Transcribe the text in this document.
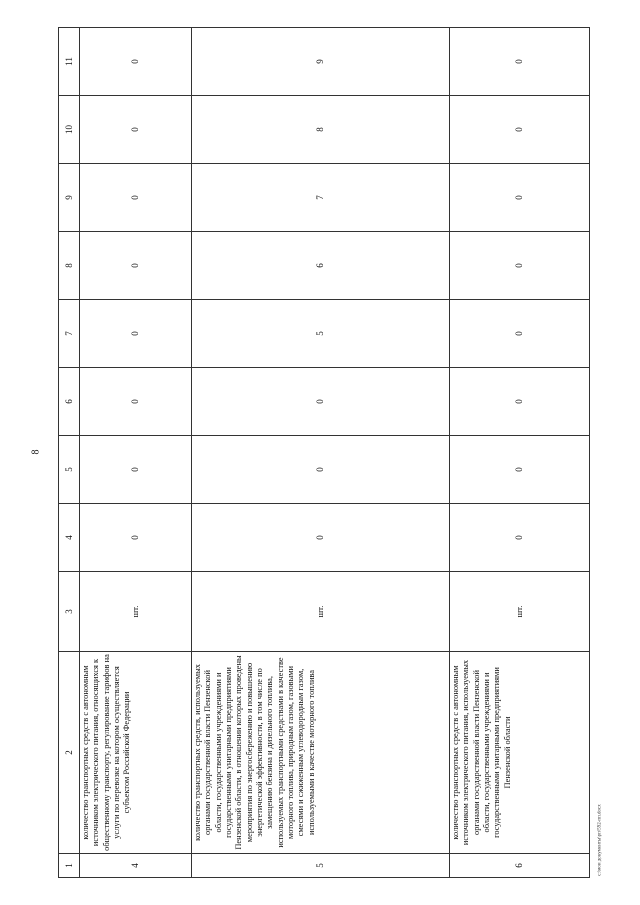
8
1	2	3	4	5	6	7	8	9	10	11
4	количество транспортных средств с автономным источником электрического питания, относящихся к общественному транспорту, регулирование тарифов на услуги по перевозке на котором осуществляется субъектом Российской Федерации	шт.	0	0	0	0	0	0	0	0
5	количество транспортных средств, используемых органами государственной власти Пензенской области, государственными учреждениями и государственными унитарными предприятиями Пензенской области, в отношении которых проведены мероприятия по энергосбережению и повышению энергетической эффективности, в том числе по замещению бензина и дизельного топлива, используемых транспортными средствами в качестве моторного топлива, природным газом, газовыми смесями и сжиженным углеводородным газом, используемыми в качестве моторного топлива	шт.	0	0	0	5	6	7	8	9
6	количество транспортных средств с автономным источником электрического питания, используемых органами государственной власти Пензенской области, государственными учреждениями и государственными унитарными предприятиями Пензенской области	шт.	0	0	0	0	0	0	0	0
c:\мои документы\рп\592-пп.docx
